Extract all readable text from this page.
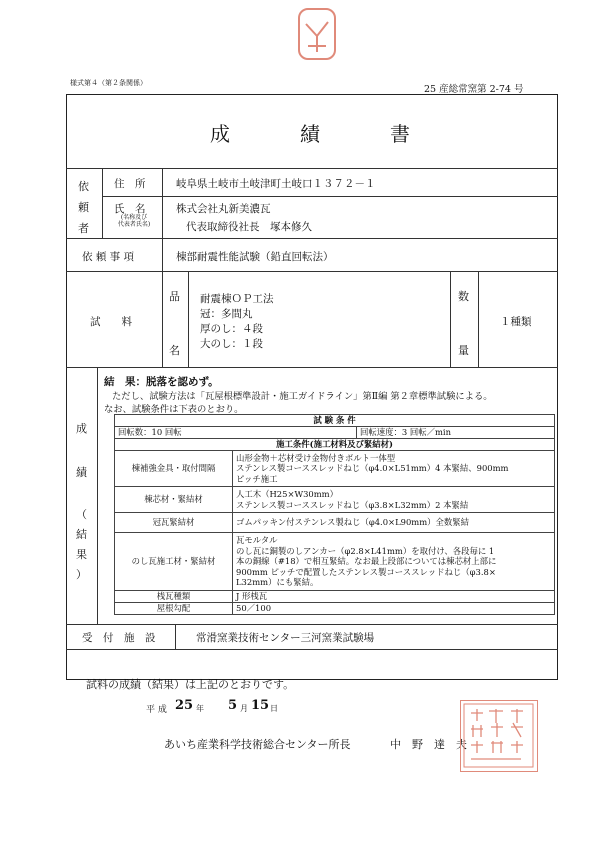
様式第４（第２条関係）
25 産総常窯第 2-74 号
成	績	書
依
頼
者
住　所	岐阜県土岐市土岐津町土岐口１３７２－１
氏　名
(名称及び
代表者氏名)
株式会社丸新美濃瓦
代表取締役社長　塚本修久
依 頼 事 項	棟部耐震性能試験（鉛直回転法）
試　　料
品
名
耐震棟ＯＰ工法
冠：多間丸
厚のし：４段
大のし：１段
数
量
１種類
成
績
（
結
果
）
結　果：脱落を認めず。
ただし、試験方法は「瓦屋根標準設計・施工ガイドライン」第Ⅱ編 第２章標準試験による。
なお、試験条件は下表のとおり。
試 験 条 件		
回転数：10 回転		回転速度：3 回転／min
施工条件(施工材料及び緊結材)		
棟補強金具・取付間隔	山形金物＋芯材受け金物付きボルト一体型
ステンレス製コーススレッドねじ（φ4.0×L51mm）4 本緊結、900mm
ピッチ施工	

棟芯材・緊結材	人工木（H25×W30mm）
ステンレス製コーススレッドねじ（φ3.8×L32mm）2 本緊結	

冠瓦緊結材	ゴムパッキン付ステンレス製ねじ（φ4.0×L90mm）全数緊結	

のし瓦施工材・緊結材	瓦モルタル
のし瓦に銅製のしアンカー（φ2.8×L41mm）を取付け、各段毎に 1
本の銅線（#18）で相互緊結。なお最上段部については棟芯材上部に
900mm ピッチで配置したステンレス製コーススレッドねじ（φ3.8×
L32mm）にも緊結。	

桟瓦種類	J 形桟瓦	
屋根勾配	50／100	
受　付　施　設	常滑窯業技術センター三河窯業試験場
試料の成績（結果）は上記のとおりです。
平 成 25 年 5 月 15 日
あいち産業科学技術総合センター所長	中　野　達　夫
